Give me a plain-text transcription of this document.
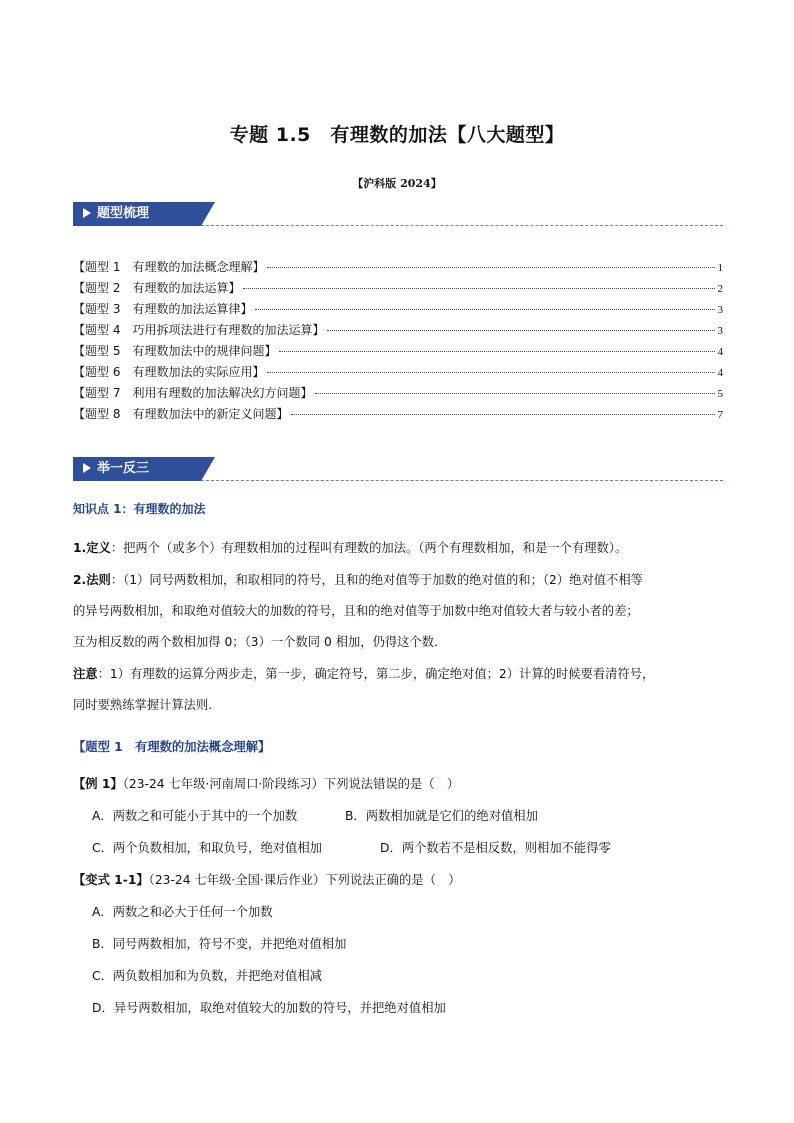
专题 1.5　有理数的加法【八大题型】
【沪科版 2024】
题型梳理
【题型 1　有理数的加法概念理解】	1
【题型 2　有理数的加法运算】	2
【题型 3　有理数的加法运算律】	3
【题型 4　巧用拆项法进行有理数的加法运算】	3
【题型 5　有理数加法中的规律问题】	4
【题型 6　有理数加法的实际应用】	4
【题型 7　利用有理数的加法解决幻方问题】	5
【题型 8　有理数加法中的新定义问题】	7
举一反三
知识点 1：有理数的加法
1.定义：把两个（或多个）有理数相加的过程叫有理数的加法。（两个有理数相加，和是一个有理数）。
2.法则：（1）同号两数相加，和取相同的符号，且和的绝对值等于加数的绝对值的和；（2）绝对值不相等
的异号两数相加，和取绝对值较大的加数的符号，且和的绝对值等于加数中绝对值较大者与较小者的差；
互为相反数的两个数相加得 0；（3）一个数同 0 相加，仍得这个数．
注意：1）有理数的运算分两步走，第一步，确定符号，第二步，确定绝对值；2）计算的时候要看清符号，
同时要熟练掌握计算法则.
【题型 1　有理数的加法概念理解】
【例 1】（23-24 七年级·河南周口·阶段练习）下列说法错误的是（　）
A．两数之和可能小于其中的一个加数	B．两数相加就是它们的绝对值相加
C．两个负数相加，和取负号，绝对值相加	D．两个数若不是相反数，则相加不能得零
【变式 1-1】（23-24 七年级·全国·课后作业）下列说法正确的是（　）
A．两数之和必大于任何一个加数
B．同号两数相加，符号不变，并把绝对值相加
C．两负数相加和为负数，并把绝对值相减
D．异号两数相加，取绝对值较大的加数的符号，并把绝对值相加
